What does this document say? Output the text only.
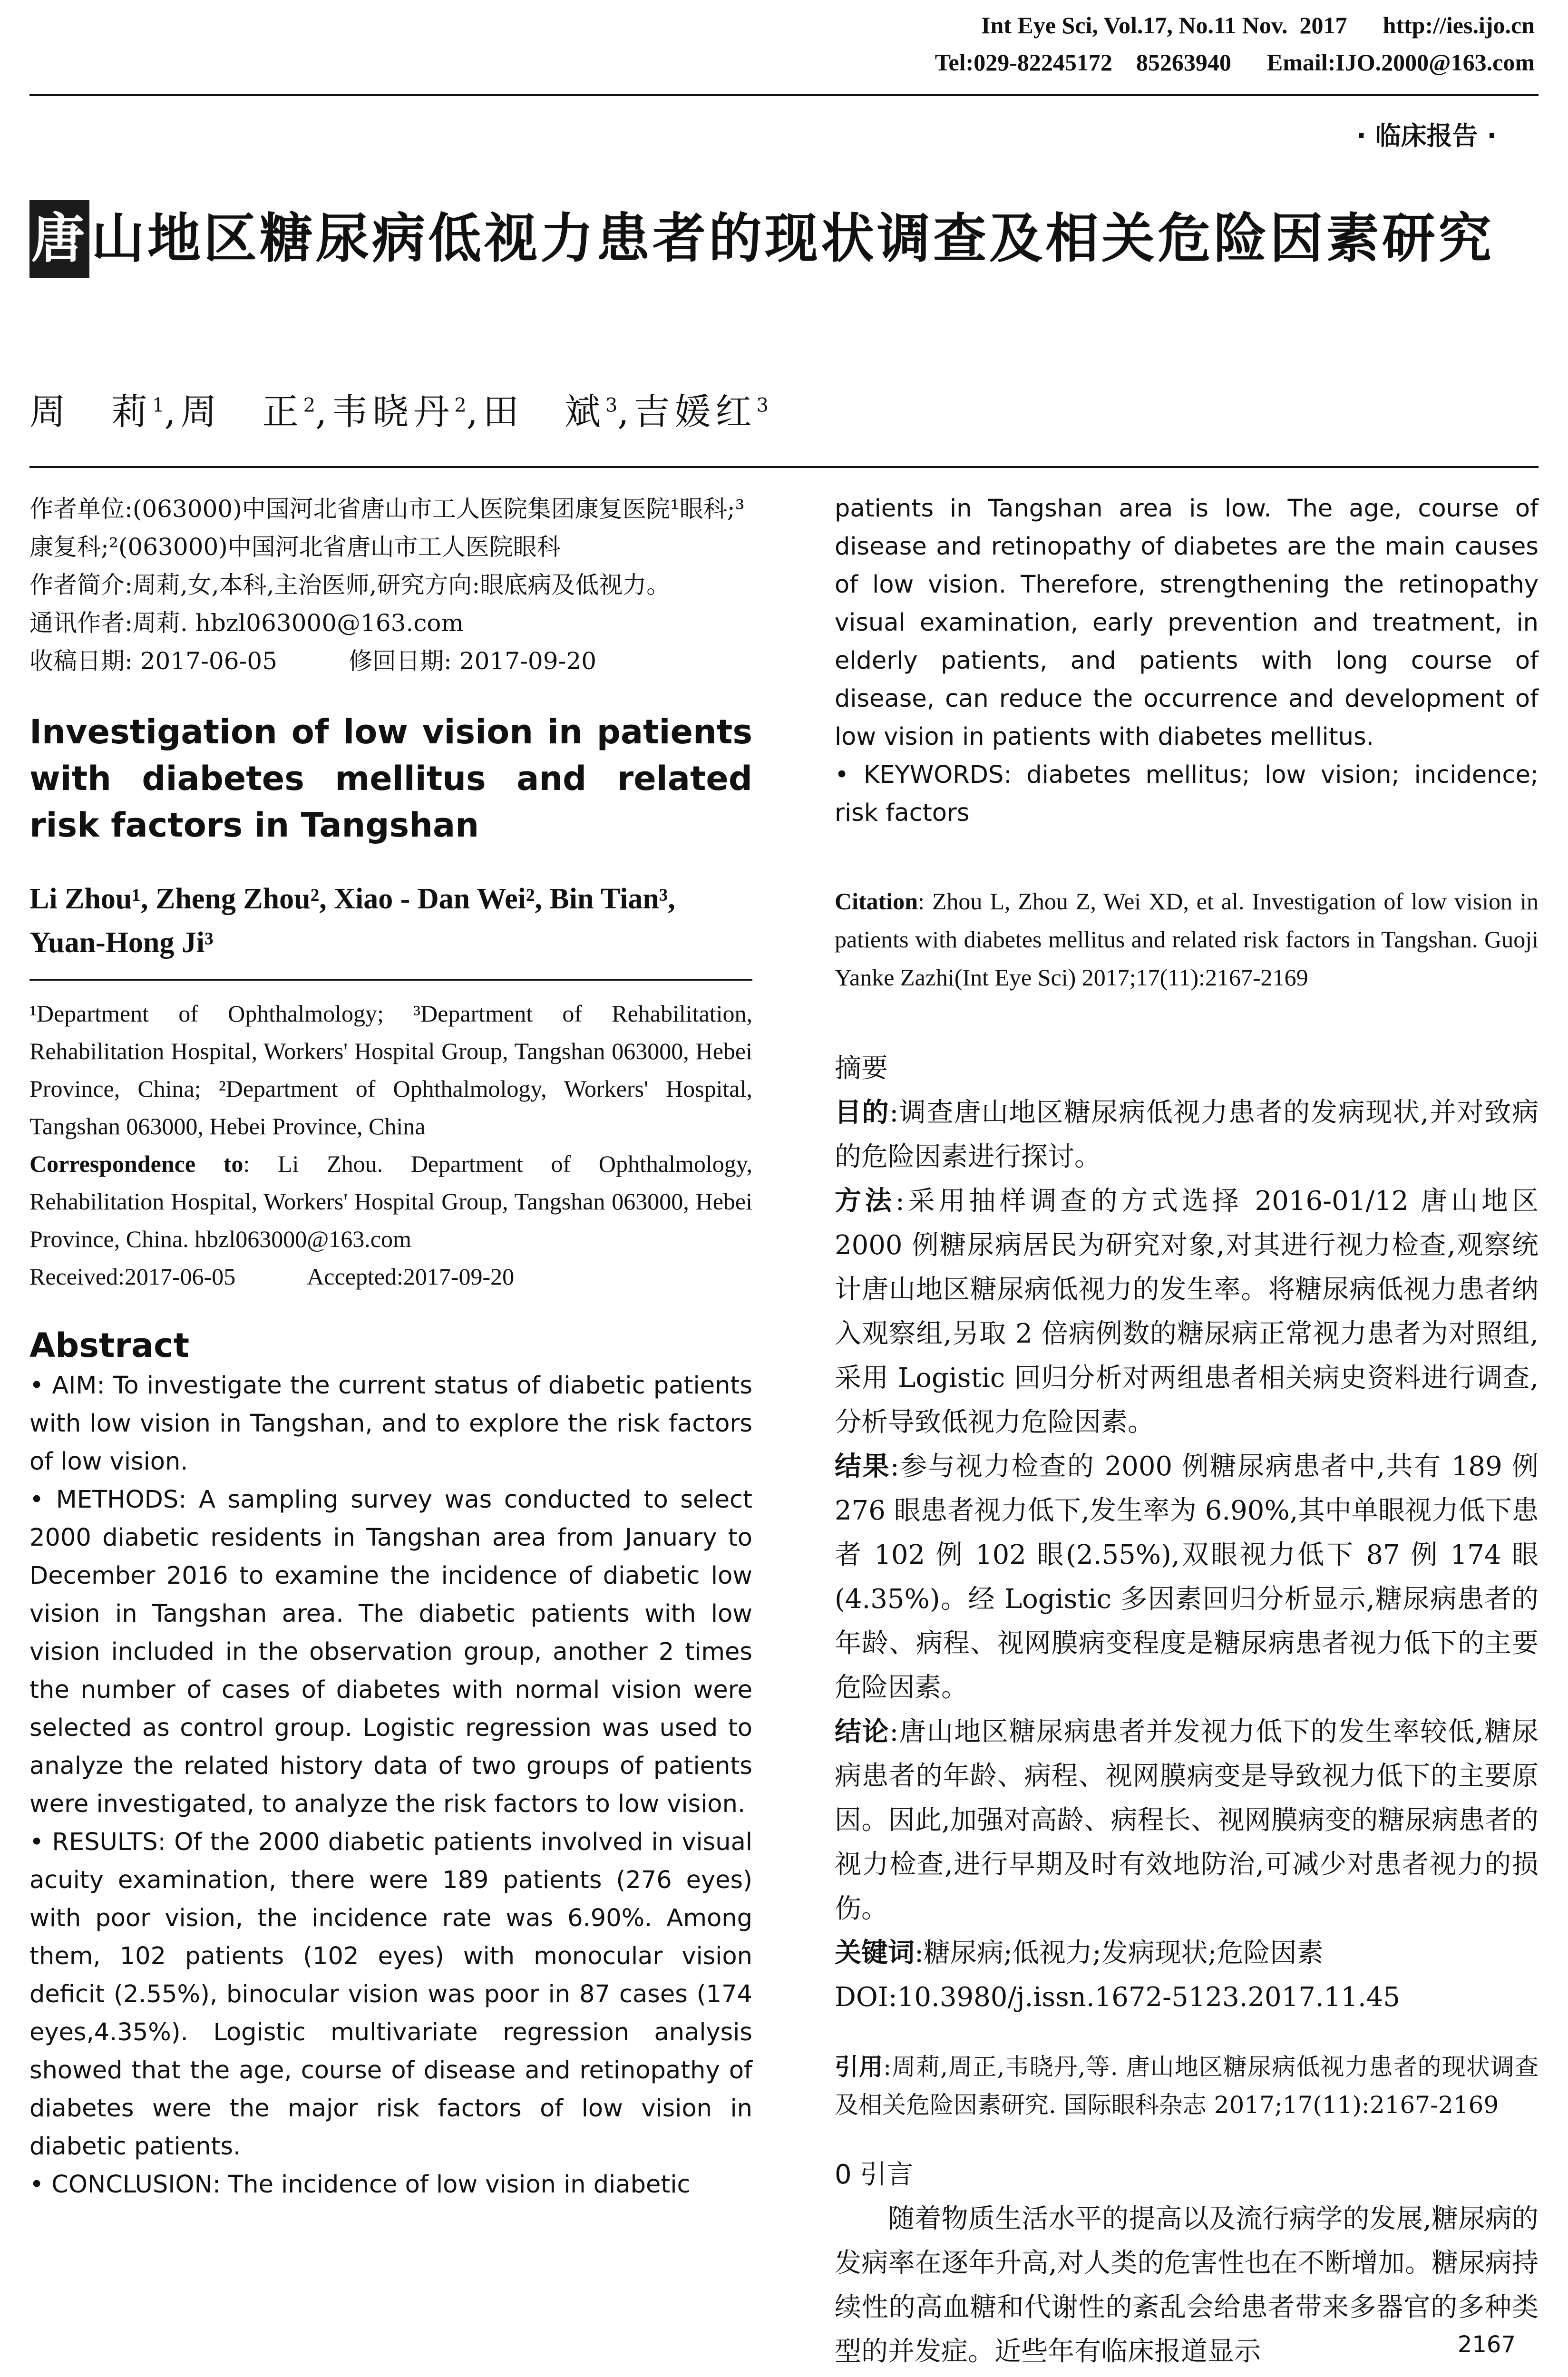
Int Eye Sci, Vol.17, No.11 Nov.  2017 http://ies.ijo.cn
Tel:029-82245172    85263940 Email:IJO.2000@163.com
· 临床报告 ·
唐山地区糖尿病低视力患者的现状调查及相关危险因素研究
周　莉$^1$,周　正$^2$,韦晓丹$^2$,田　斌$^3$,吉媛红$^3$

作者单位:(063000)中国河北省唐山市工人医院集团康复医院¹眼科;³康复科;²(063000)中国河北省唐山市工人医院眼科

作者简介:周莉,女,本科,主治医师,研究方向:眼底病及低视力。

通讯作者:周莉. hbzl063000@163.com

收稿日期: 2017-06-05　　　修回日期: 2017-09-20

Investigation of low vision in patients with diabetes mellitus and related risk factors in Tangshan

Li Zhou¹, Zheng Zhou², Xiao - Dan Wei², Bin Tian³, Yuan-Hong Ji³

¹Department of Ophthalmology; ³Department of Rehabilitation, Rehabilitation Hospital, Workers' Hospital Group, Tangshan 063000, Hebei Province, China; ²Department of Ophthalmology, Workers' Hospital, Tangshan 063000, Hebei Province, China

Correspondence to: Li Zhou. Department of Ophthalmology, Rehabilitation Hospital, Workers' Hospital Group, Tangshan 063000, Hebei Province, China. hbzl063000@163.com

Received:2017-06-05　　　Accepted:2017-09-20

Abstract

• AIM: To investigate the current status of diabetic patients with low vision in Tangshan, and to explore the risk factors of low vision.

• METHODS: A sampling survey was conducted to select 2000 diabetic residents in Tangshan area from January to December 2016 to examine the incidence of diabetic low vision in Tangshan area. The diabetic patients with low vision included in the observation group, another 2 times the number of cases of diabetes with normal vision were selected as control group. Logistic regression was used to analyze the related history data of two groups of patients were investigated, to analyze the risk factors to low vision.

• RESULTS: Of the 2000 diabetic patients involved in visual acuity examination, there were 189 patients (276 eyes) with poor vision, the incidence rate was 6.90%. Among them, 102 patients (102 eyes) with monocular vision deficit (2.55%), binocular vision was poor in 87 cases (174 eyes,4.35%). Logistic multivariate regression analysis showed that the age, course of disease and retinopathy of diabetes were the major risk factors of low vision in diabetic patients.

• CONCLUSION: The incidence of low vision in diabetic

patients in Tangshan area is low. The age, course of disease and retinopathy of diabetes are the main causes of low vision. Therefore, strengthening the retinopathy visual examination, early prevention and treatment, in elderly patients, and patients with long course of disease, can reduce the occurrence and development of low vision in patients with diabetes mellitus.

• KEYWORDS: diabetes mellitus; low vision; incidence; risk factors

Citation: Zhou L, Zhou Z, Wei XD, et al. Investigation of low vision in patients with diabetes mellitus and related risk factors in Tangshan. Guoji Yanke Zazhi(Int Eye Sci) 2017;17(11):2167-2169

摘要

目的:调查唐山地区糖尿病低视力患者的发病现状,并对致病的危险因素进行探讨。

方法:采用抽样调查的方式选择 2016-01/12 唐山地区 2000 例糖尿病居民为研究对象,对其进行视力检查,观察统计唐山地区糖尿病低视力的发生率。将糖尿病低视力患者纳入观察组,另取 2 倍病例数的糖尿病正常视力患者为对照组,采用 Logistic 回归分析对两组患者相关病史资料进行调查,分析导致低视力危险因素。

结果:参与视力检查的 2000 例糖尿病患者中,共有 189 例 276 眼患者视力低下,发生率为 6.90%,其中单眼视力低下患者 102 例 102 眼(2.55%),双眼视力低下 87 例 174 眼(4.35%)。经 Logistic 多因素回归分析显示,糖尿病患者的年龄、病程、视网膜病变程度是糖尿病患者视力低下的主要危险因素。

结论:唐山地区糖尿病患者并发视力低下的发生率较低,糖尿病患者的年龄、病程、视网膜病变是导致视力低下的主要原因。因此,加强对高龄、病程长、视网膜病变的糖尿病患者的视力检查,进行早期及时有效地防治,可减少对患者视力的损伤。

关键词:糖尿病;低视力;发病现状;危险因素

DOI:10.3980/j.issn.1672-5123.2017.11.45

引用:周莉,周正,韦晓丹,等. 唐山地区糖尿病低视力患者的现状调查及相关危险因素研究. 国际眼科杂志 2017;17(11):2167-2169

0 引言

随着物质生活水平的提高以及流行病学的发展,糖尿病的发病率在逐年升高,对人类的危害性也在不断增加。糖尿病持续性的高血糖和代谢性的紊乱会给患者带来多器官的多种类型的并发症。近些年有临床报道显示	2167
